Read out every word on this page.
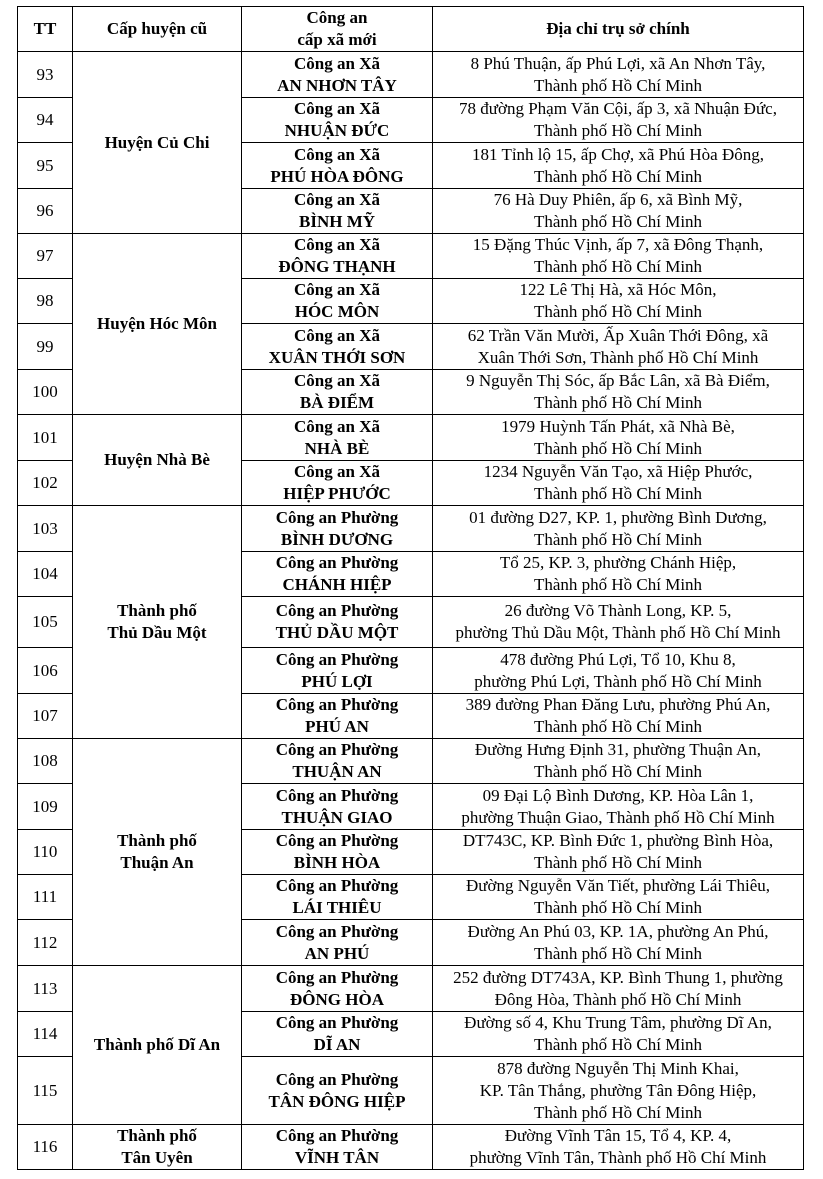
TT	Cấp huyện cũ	Công an
cấp xã mới	Địa chỉ trụ sở chính
93	Huyện Củ Chi	Công an Xã
AN NHƠN TÂY	8 Phú Thuận, ấp Phú Lợi, xã An Nhơn Tây,
Thành phố Hồ Chí Minh

94		Công an Xã
NHUẬN ĐỨC	78 đường Phạm Văn Cội, ấp 3, xã Nhuận Đức,
Thành phố Hồ Chí Minh

95		Công an Xã
PHÚ HÒA ĐÔNG	181 Tỉnh lộ 15, ấp Chợ, xã Phú Hòa Đông,
Thành phố Hồ Chí Minh

96		Công an Xã
BÌNH MỸ	76 Hà Duy Phiên, ấp 6, xã Bình Mỹ,
Thành phố Hồ Chí Minh

97	Huyện Hóc Môn	Công an Xã
ĐÔNG THẠNH	15 Đặng Thúc Vịnh, ấp 7, xã Đông Thạnh,
Thành phố Hồ Chí Minh

98		Công an Xã
HÓC MÔN	122 Lê Thị Hà, xã Hóc Môn,
Thành phố Hồ Chí Minh

99		Công an Xã
XUÂN THỚI SƠN	62 Trần Văn Mười, Ấp Xuân Thới Đông, xã
Xuân Thới Sơn, Thành phố Hồ Chí Minh

100		Công an Xã
BÀ ĐIỂM	9 Nguyễn Thị Sóc, ấp Bắc Lân, xã Bà Điểm,
Thành phố Hồ Chí Minh

101	Huyện Nhà Bè	Công an Xã
NHÀ BÈ	1979 Huỳnh Tấn Phát, xã Nhà Bè,
Thành phố Hồ Chí Minh

102		Công an Xã
HIỆP PHƯỚC	1234 Nguyễn Văn Tạo, xã Hiệp Phước,
Thành phố Hồ Chí Minh

103	Thành phố
Thủ Dầu Một	Công an Phường
BÌNH DƯƠNG	01 đường D27, KP. 1, phường Bình Dương,
Thành phố Hồ Chí Minh

104		Công an Phường
CHÁNH HIỆP	Tổ 25, KP. 3, phường Chánh Hiệp,
Thành phố Hồ Chí Minh

105		Công an Phường
THỦ DẦU MỘT	26 đường Võ Thành Long, KP. 5,
phường Thủ Dầu Một, Thành phố Hồ Chí Minh

106		Công an Phường
PHÚ LỢI	478 đường Phú Lợi, Tổ 10, Khu 8,
phường Phú Lợi, Thành phố Hồ Chí Minh

107		Công an Phường
PHÚ AN	389 đường Phan Đăng Lưu, phường Phú An,
Thành phố Hồ Chí Minh

108	Thành phố
Thuận An	Công an Phường
THUẬN AN	Đường Hưng Định 31, phường Thuận An,
Thành phố Hồ Chí Minh

109		Công an Phường
THUẬN GIAO	09 Đại Lộ Bình Dương, KP. Hòa Lân 1,
phường Thuận Giao, Thành phố Hồ Chí Minh

110		Công an Phường
BÌNH HÒA	DT743C, KP. Bình Đức 1, phường Bình Hòa,
Thành phố Hồ Chí Minh

111		Công an Phường
LÁI THIÊU	Đường Nguyễn Văn Tiết, phường Lái Thiêu,
Thành phố Hồ Chí Minh

112		Công an Phường
AN PHÚ	Đường An Phú 03, KP. 1A, phường An Phú,
Thành phố Hồ Chí Minh

113	Thành phố Dĩ An	Công an Phường
ĐÔNG HÒA	252 đường DT743A, KP. Bình Thung 1, phường
Đông Hòa, Thành phố Hồ Chí Minh

114		Công an Phường
DĨ AN	Đường số 4, Khu Trung Tâm, phường Dĩ An,
Thành phố Hồ Chí Minh

115		Công an Phường
TÂN ĐÔNG HIỆP	878 đường Nguyễn Thị Minh Khai,
KP. Tân Thắng, phường Tân Đông Hiệp,
Thành phố Hồ Chí Minh

116	Thành phố
Tân Uyên	Công an Phường
VĨNH TÂN	Đường Vĩnh Tân 15, Tổ 4, KP. 4,
phường Vĩnh Tân, Thành phố Hồ Chí Minh
